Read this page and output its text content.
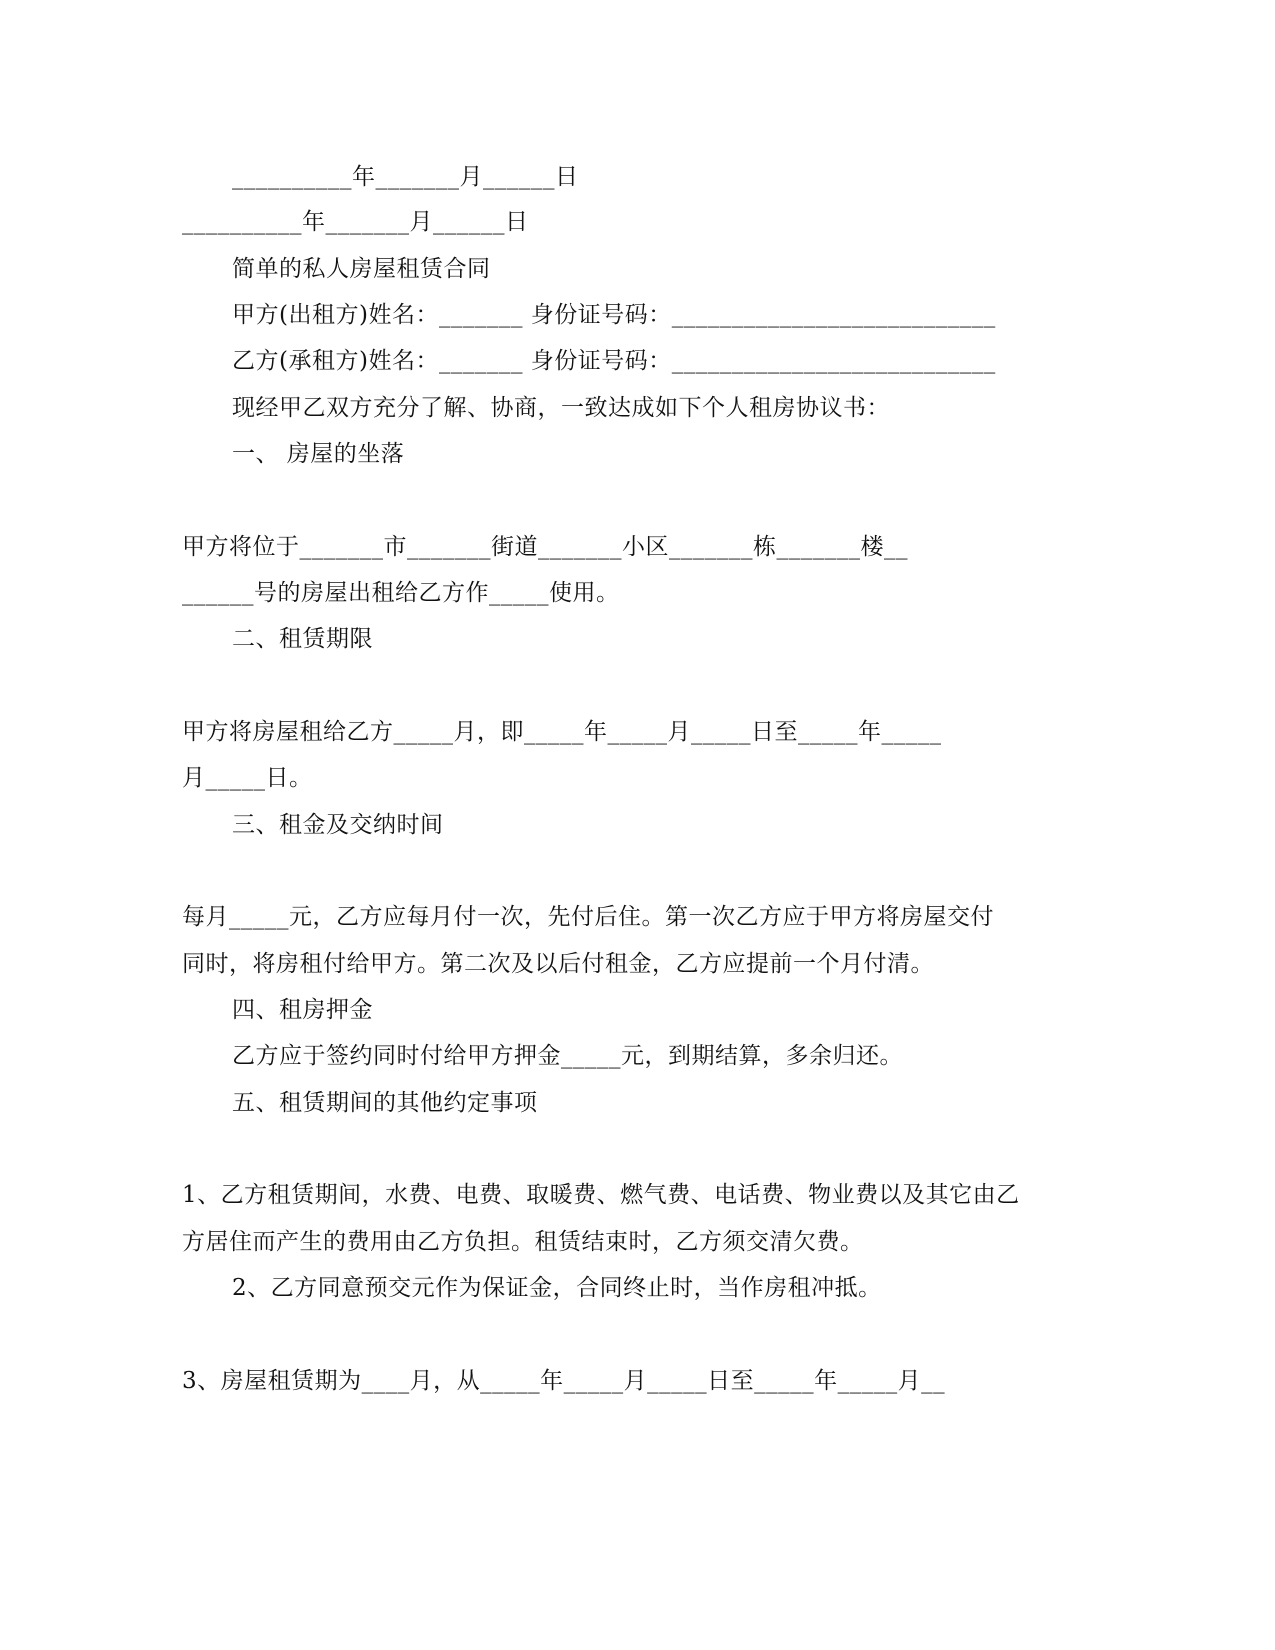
__________年_______月______日
__________年_______月______日
简单的私人房屋租赁合同
甲方(出租方)姓名：_______ 身份证号码：___________________________
乙方(承租方)姓名：_______ 身份证号码：___________________________
现经甲乙双方充分了解、协商，一致达成如下个人租房协议书：
一、 房屋的坐落
甲方将位于_______市_______街道_______小区_______栋_______楼__
______号的房屋出租给乙方作_____使用。
二、租赁期限
甲方将房屋租给乙方_____月，即_____年_____月_____日至_____年_____
月_____日。
三、租金及交纳时间
每月_____元，乙方应每月付一次，先付后住。第一次乙方应于甲方将房屋交付
同时，将房租付给甲方。第二次及以后付租金，乙方应提前一个月付清。
四、租房押金
乙方应于签约同时付给甲方押金_____元，到期结算，多余归还。
五、租赁期间的其他约定事项
1、乙方租赁期间，水费、电费、取暖费、燃气费、电话费、物业费以及其它由乙
方居住而产生的费用由乙方负担。租赁结束时，乙方须交清欠费。
2、乙方同意预交元作为保证金，合同终止时，当作房租冲抵。
3、房屋租赁期为____月，从_____年_____月_____日至_____年_____月__
